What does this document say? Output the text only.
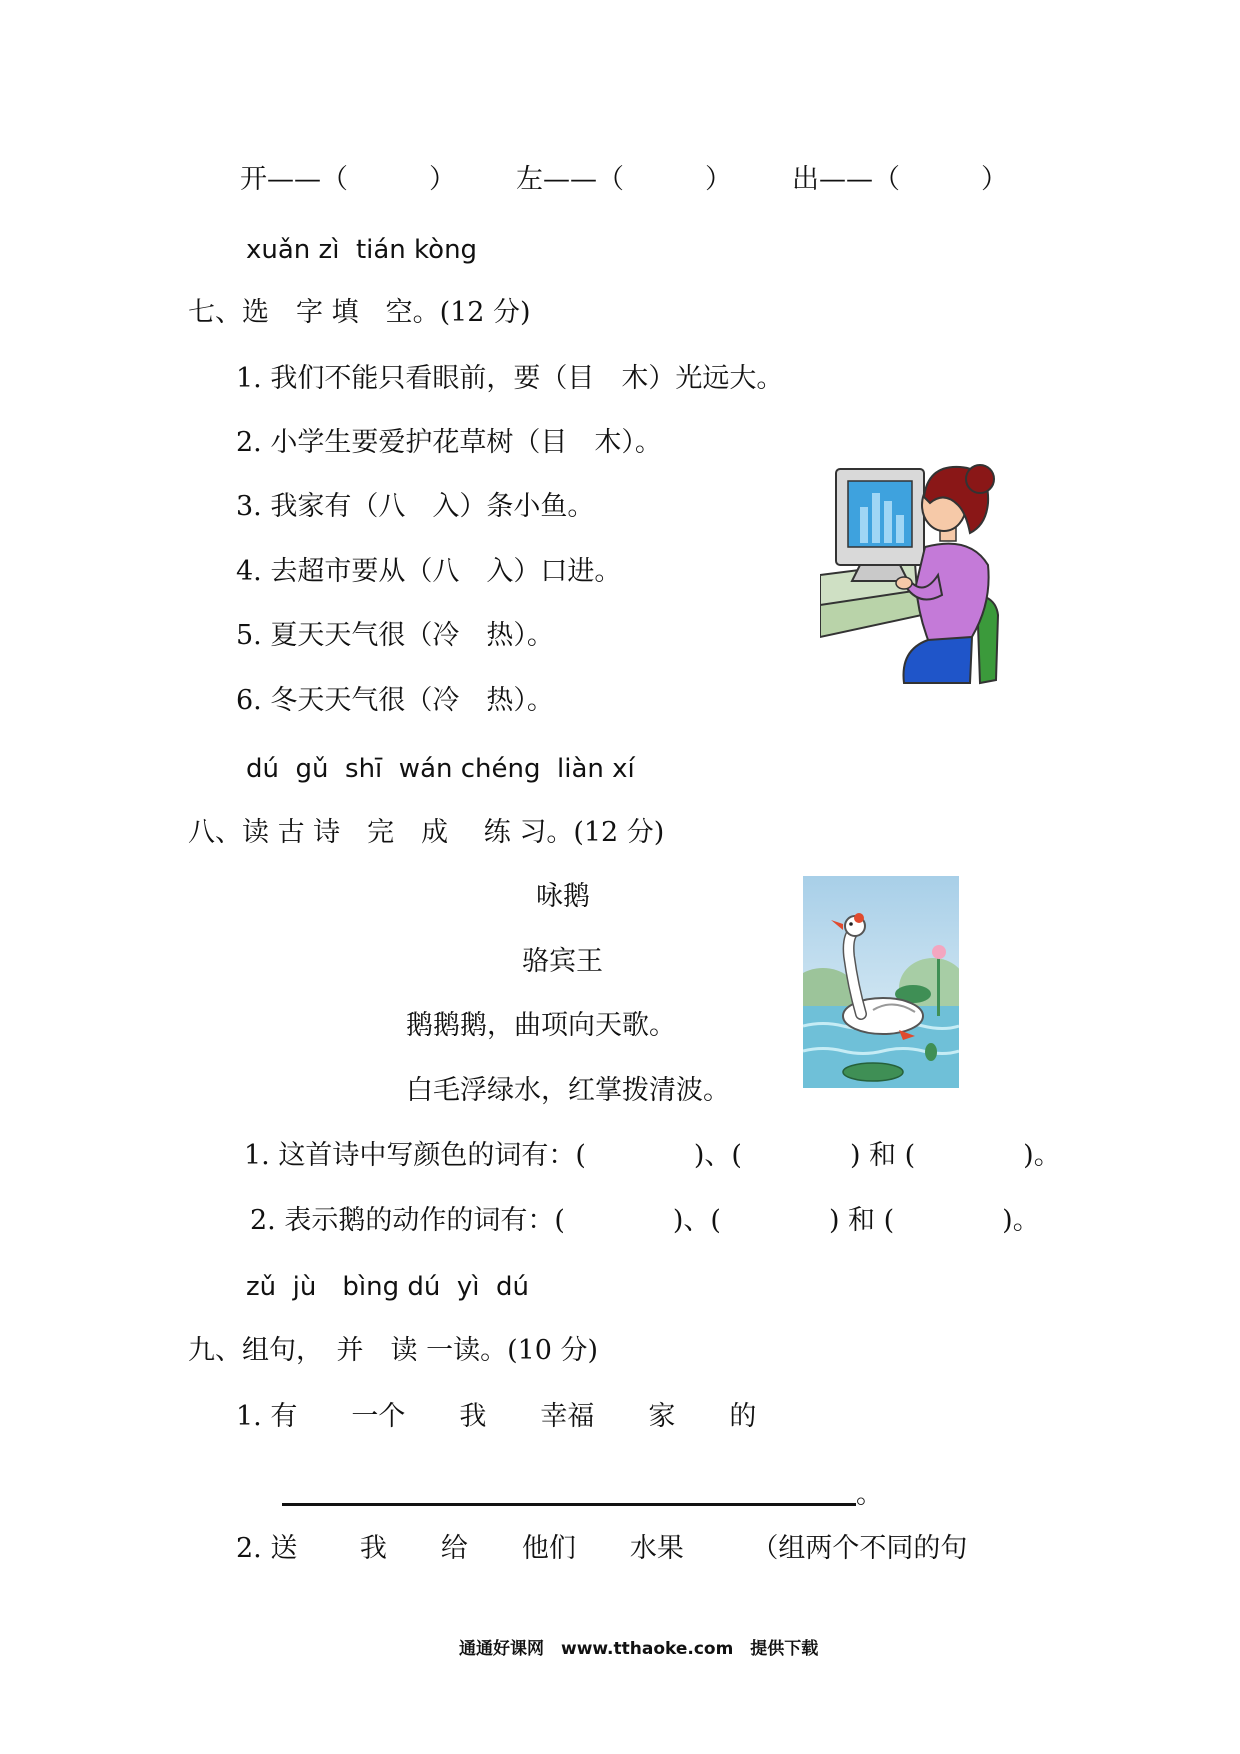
开——（　　　） 左——（　　　） 出——（　　　）
xuǎn zì  tián kòng
七、选　字 填　空。(12 分)
1. 我们不能只看眼前，要（目　木）光远大。
2. 小学生要爱护花草树（目　木）。
3. 我家有（八　入）条小鱼。
4. 去超市要从（八　入）口进。
5. 夏天天气很（冷　热）。
6. 冬天天气很（冷　热）。
dú  gǔ  shī  wán chéng  liàn xí
八、读 古 诗　完　成　 练 习。(12 分)
咏鹅
骆宾王
鹅鹅鹅，曲项向天歌。
白毛浮绿水，红掌拨清波。
1. 这首诗中写颜色的词有：(　　　　)、(　　　　) 和 (　　　　)。
2. 表示鹅的动作的词有：(　　　　)、(　　　　) 和 (　　　　)。
zǔ  jù　bìng dú  yì  dú
九、组句，　并　读 一读。(10 分)
1. 有　　一个　　我　　幸福　　家　　的
。
2. 送　　 我　　给　　他们　　水果　　　（组两个不同的句
通通好课网　www.tthaoke.com　提供下载
